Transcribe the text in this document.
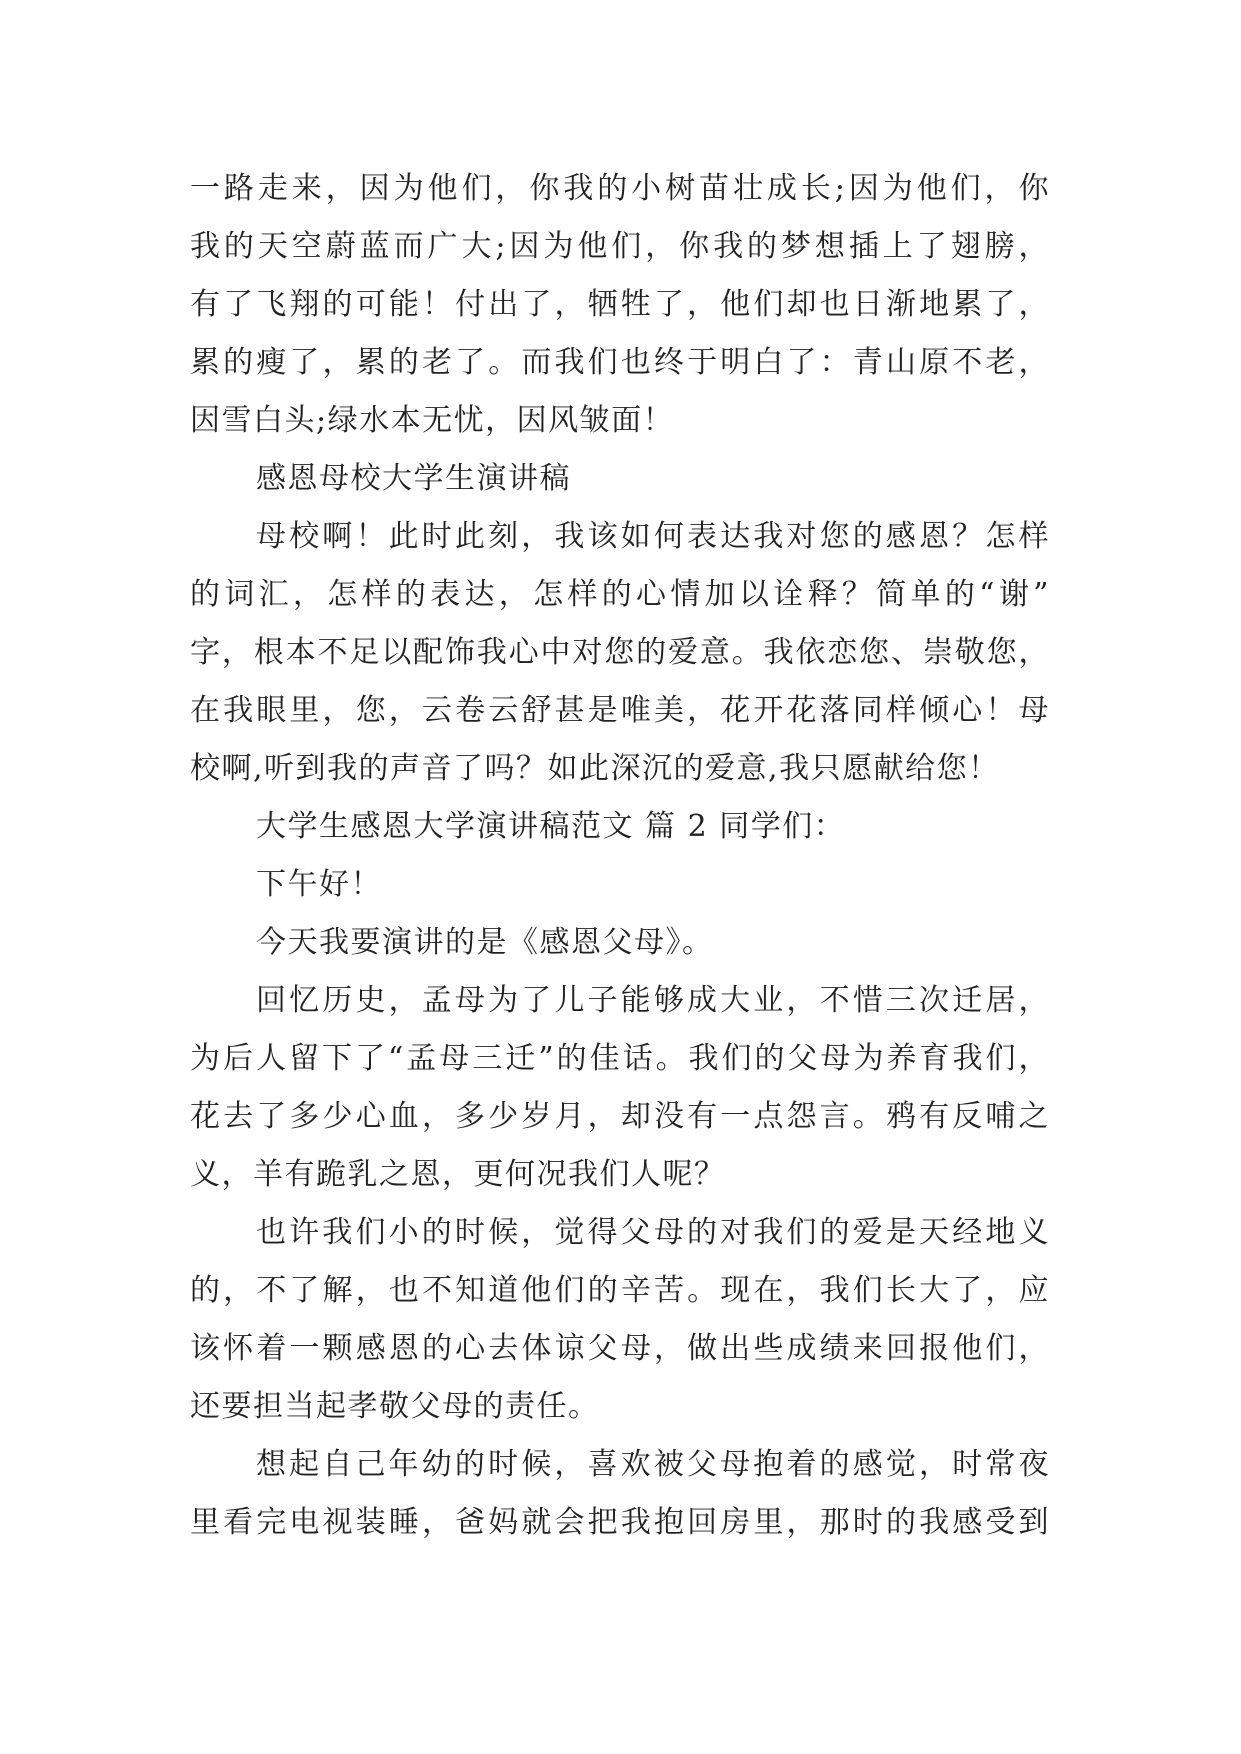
一路走来，因为他们，你我的小树苗壮成长;因为他们，你
我的天空蔚蓝而广大;因为他们，你我的梦想插上了翅膀，
有了飞翔的可能！付出了，牺牲了，他们却也日渐地累了，
累的瘦了，累的老了。而我们也终于明白了：青山原不老，
因雪白头;绿水本无忧，因风皱面！
感恩母校大学生演讲稿
母校啊！此时此刻，我该如何表达我对您的感恩？怎样
的词汇，怎样的表达，怎样的心情加以诠释？简单的“谢”
字，根本不足以配饰我心中对您的爱意。我依恋您、崇敬您，
在我眼里，您，云卷云舒甚是唯美，花开花落同样倾心！母
校啊,听到我的声音了吗？如此深沉的爱意,我只愿献给您！
大学生感恩大学演讲稿范文 篇 2 同学们：
下午好！
今天我要演讲的是《感恩父母》。
回忆历史，孟母为了儿子能够成大业，不惜三次迁居，
为后人留下了“孟母三迁”的佳话。我们的父母为养育我们，
花去了多少心血，多少岁月，却没有一点怨言。鸦有反哺之
义，羊有跪乳之恩，更何况我们人呢？
也许我们小的时候，觉得父母的对我们的爱是天经地义
的，不了解，也不知道他们的辛苦。现在，我们长大了，应
该怀着一颗感恩的心去体谅父母，做出些成绩来回报他们，
还要担当起孝敬父母的责任。
想起自己年幼的时候，喜欢被父母抱着的感觉，时常夜
里看完电视装睡，爸妈就会把我抱回房里，那时的我感受到
